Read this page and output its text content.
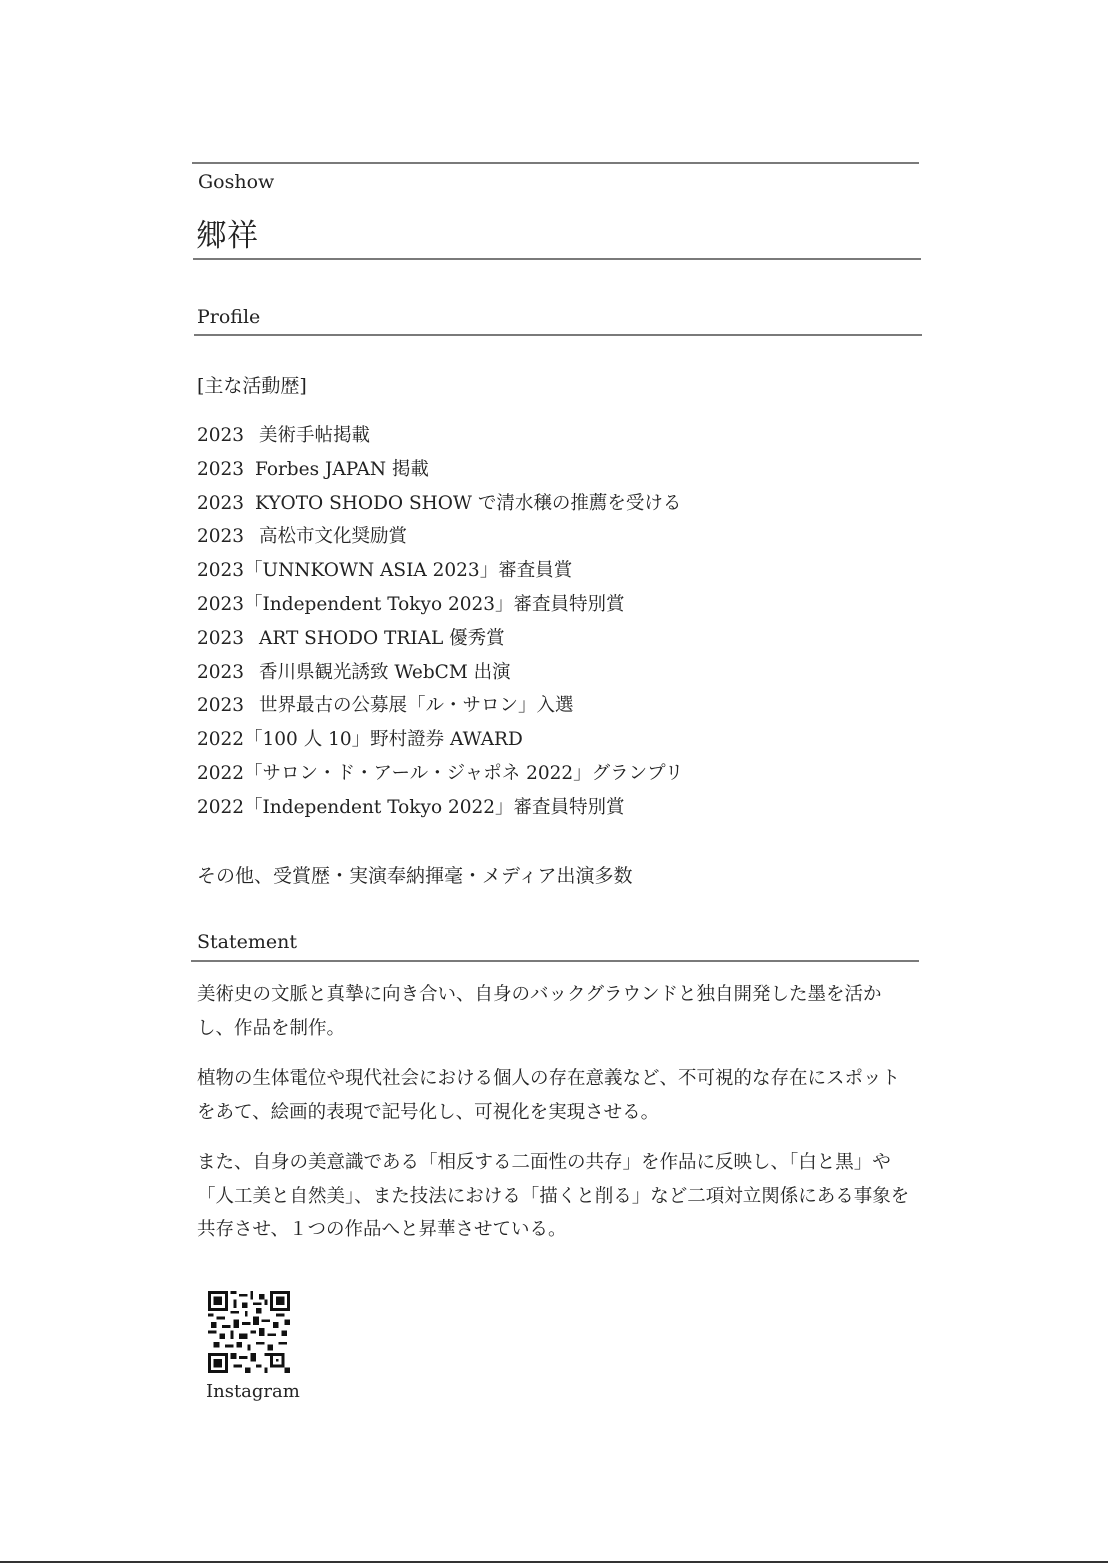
Goshow
郷祥
Profile
[主な活動歴]
2023 美術手帖掲載
2023 Forbes JAPAN 掲載
2023 KYOTO SHODO SHOW で清水穣の推薦を受ける
2023 高松市文化奨励賞
2023「UNNKOWN ASIA 2023」審査員賞
2023「Independent Tokyo 2023」審査員特別賞
2023 ART SHODO TRIAL 優秀賞
2023 香川県観光誘致 WebCM 出演
2023 世界最古の公募展「ル・サロン」入選
2022「100 人 10」野村證券 AWARD
2022「サロン・ド・アール・ジャポネ 2022」グランプリ
2022「Independent Tokyo 2022」審査員特別賞
その他、受賞歴・実演奉納揮毫・メディア出演多数
Statement

美術史の文脈と真摯に向き合い、自身のバックグラウンドと独自開発した墨を活かし、作品を制作。

植物の生体電位や現代社会における個人の存在意義など、不可視的な存在にスポットをあて、絵画的表現で記号化し、可視化を実現させる。

また、自身の美意識である「相反する二面性の共存」を作品に反映し、「白と黒」や「人工美と自然美」、また技法における「描くと削る」など二項対立関係にある事象を共存させ、１つの作品へと昇華させている。

Instagram
